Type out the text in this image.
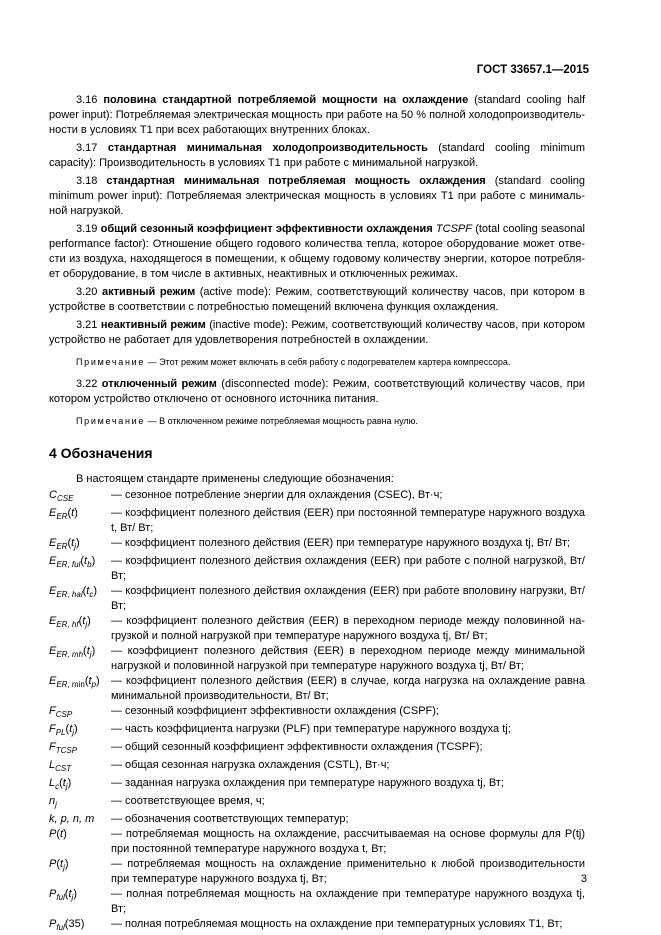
ГОСТ 33657.1—2015

3.16 половина стандартной потребляемой мощности на охлаждение (standard cooling half power input): Потребляемая электрическая мощность при работе на 50 % полной холодопроизводительности в условиях Т1 при всех работающих внутренних блоках.

3.17 стандартная минимальная холодопроизводительность (standard cooling minimum capacity): Производительность в условиях Т1 при работе с минимальной нагрузкой.

3.18 стандартная минимальная потребляемая мощность охлаждения (standard cooling minimum power input): Потребляемая электрическая мощность в условиях Т1 при работе с минимальной нагрузкой.

3.19 общий сезонный коэффициент эффективности охлаждения TCSPF (total cooling seasonal performance factor): Отношение общего годового количества тепла, которое оборудование может отвести из воздуха, находящегося в помещении, к общему годовому количеству энергии, которое потребляет оборудование, в том числе в активных, неактивных и отключенных режимах.

3.20 активный режим (active mode): Режим, соответствующий количеству часов, при котором в устройстве в соответствии с потребностью помещений включена функция охлаждения.

3.21 неактивный режим (inactive mode): Режим, соответствующий количеству часов, при котором устройство не работает для удовлетворения потребностей в охлаждении.

Примечание — Этот режим может включать в себя работу с подогревателем картера компрессора.

3.22 отключенный режим (disconnected mode): Режим, соответствующий количеству часов, при котором устройство отключено от основного источника питания.

Примечание — В отключенном режиме потребляемая мощность равна нулю.

4 Обозначения

В настоящем стандарте применены следующие обозначения:

$C_{CSE}$	— сезонное потребление энергии для охлаждения (CSEC), Вт·ч;
$E_{ER}(t)$	— коэффициент полезного действия (EER) при постоянной температуре наружного воздуха t, Вт/ Вт;
$E_{ER}(t_j)$	— коэффициент полезного действия (EER) при температуре наружного воздуха tj, Вт/ Вт;
$E_{ER, ful}(t_b)$	— коэффициент полезного действия охлаждения (EER) при работе с полной нагрузкой, Вт/ Вт;
$E_{ER, hal}(t_c)$	— коэффициент полезного действия охлаждения (EER) при работе вполовину нагрузки, Вт/ Вт;
$E_{ER, hf}(t_j)$	— коэффициент полезного действия (EER) в переходном периоде между половинной нагрузкой и полной нагрузкой при температуре наружного воздуха tj, Вт/ Вт;
$E_{ER, mh}(t_j)$	— коэффициент полезного действия (EER) в переходном периоде между минимальной нагрузкой и половинной нагрузкой при температуре наружного воздуха tj, Вт/ Вт;
$E_{ER, min}(t_p)$	— коэффициент полезного действия (EER) в случае, когда нагрузка на охлаждение равна минимальной производительности, Вт/ Вт;
$F_{CSP}$	— сезонный коэффициент эффективности охлаждения (CSPF);
$F_{PL}(t_j)$	— часть коэффициента нагрузки (PLF) при температуре наружного воздуха tj;
$F_{TCSP}$	— общий сезонный коэффициент эффективности охлаждения (TCSPF);
$L_{CST}$	— общая сезонная нагрузка охлаждения (CSTL), Вт·ч;
$L_c(t_j)$	— заданная нагрузка охлаждения при температуре наружного воздуха tj, Вт;
$n_j$	— соответствующее время, ч;
k, p, n, m	— обозначения соответствующих температур;
P(t)	— потребляемая мощность на охлаждение, рассчитываемая на основе формулы для P(tj) при постоянной температуре наружного воздуха t, Вт;
$P(t_j)$	— потребляемая мощность на охлаждение применительно к любой производительности при температуре наружного воздуха tj, Вт;
$P_{ful}(t_j)$	— полная потребляемая мощность на охлаждение при температуре наружного воздуха tj, Вт;
$P_{ful}(35)$	— полная потребляемая мощность на охлаждение при температурных условиях Т1, Вт;
3
